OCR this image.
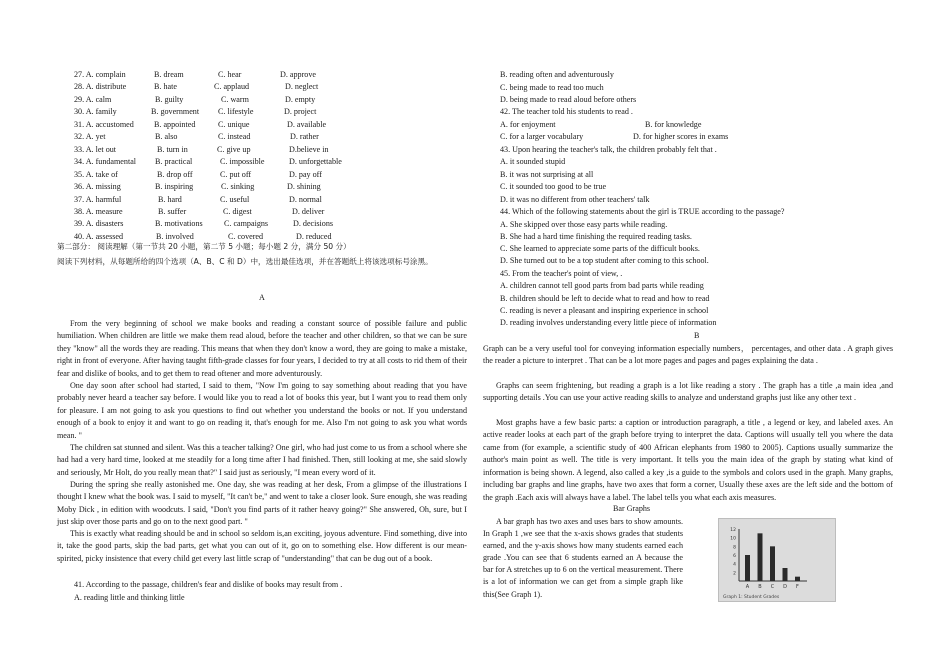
27. A. complain	B. dream	C. hear	D. approve
28. A. distribute	B. hate	C. applaud	D. neglect
29. A. calm	B. guilty	C. warm	D. empty
30. A. family	B. government C. lifestyle	D. project
31. A. accustomed B. appointed	C. unique	D. available
32. A. yet	B. also	C. instead	D. rather
33. A. let out	B. turn in	C. give up	D.believe in
34. A. fundamental B. practical	C. impossible	D. unforgettable
35. A. take of	B. drop off	C. put off	D. pay off
36. A. missing	B. inspiring	C. sinking	D. shining
37. A. harmful	B. hard	C. useful	D. normal
38. A. measure	B. suffer	C. digest	D. deliver
39. A. disasters	B. motivations	C. campaigns	D. decisions
40. A. assessed	B. involved	C. covered	D. reduced
第二部分： 阅读理解（第一节共 20 小题，第二节 5 小题；每小题 2 分，满分 50 分）
阅读下列材料，从每题所给的四个选项（A、B、C 和 D）中，选出最佳选项，并在答题纸上将该选项标号涂黑。
A
From the very beginning of school we make books and reading a constant source of possible failure and public humiliation. When children are little we make them read aloud, before the teacher and other children, so that we can be sure they "know" all the words they are reading. This means that when they don't know a word, they are going to make a mistake, right in front of everyone. After having taught fifth-grade classes for four years, I decided to try at all costs to rid them of their fear and dislike of books, and to get them to read oftener and more adventurously.
One day soon after school had started, I said to them, "Now I'm going to say something about reading that you have probably never heard a teacher say before. I would like you to read a lot of books this year, but I want you to read them only for pleasure. I am not going to ask you questions to find out whether you understand the books or not. If you understand enough of a book to enjoy it and want to go on reading it, that's enough for me. Also I'm not going to ask you what words mean. "
The children sat stunned and silent. Was this a teacher talking? One girl, who had just come to us from a school where she had had a very hard time, looked at me steadily for a long time after I had finished. Then, still looking at me, she said slowly and seriously, Mr Holt, do you really mean that?" I said just as seriously, "I mean every word of it.
During the spring she really astonished me. One day, she was reading at her desk, From a glimpse of the illustrations I thought I knew what the book was. I said to myself, "It can't be," and went to take a closer look. Sure enough, she was reading Moby Dick , in edition with woodcuts. I said, "Don't you find parts of it rather heavy going?" She answered, Oh, sure, but I just skip over those parts and go on to the next good part. "
This is exactly what reading should be and in school so seldom is,an exciting, joyous adventure. Find something, dive into it, take the good parts, skip the bad parts, get what you can out of it, go on to something else. How different is our mean-spirited, picky insistence that every child get every last little scrap of "understanding" that can be dug out of a book.
41. According to the passage, children's fear and dislike of books may result from .
A. reading little and thinking little
B. reading often and adventurously
C. being made to read too much
D. being made to read aloud before others
42. The teacher told his students to read .
A. for enjoyment	B. for knowledge
C. for a larger vocabulary	D. for higher scores in exams
43. Upon hearing the teacher's talk, the children probably felt that .
A. it sounded stupid
B. it was not surprising at all
C. it sounded too good to be true
D. it was no different from other teachers' talk
44. Which of the following statements about the girl is TRUE according to the passage?
A. She skipped over those easy parts while reading.
B. She had a hard time finishing the required reading tasks.
C. She learned to appreciate some parts of the difficult books.
D. She turned out to be a top student after coming to this school.
45. From the teacher's point of view, .
A. children cannot tell good parts from bad parts while reading
B. children should be left to decide what to read and how to read
C. reading is never a pleasant and inspiring experience in school
D. reading involves understanding every little piece of information
B
Graph can be a very useful tool for conveying information especially numbers， percentages, and other data . A graph gives the reader a picture to interpret . That can be a lot more pages and pages and pages explaining the data .
Graphs can seem frightening, but reading a graph is a lot like reading a story . The graph has a title ,a main idea ,and supporting details .You can use your active reading skills to analyze and understand graphs just like any other text .
Most graphs have a few basic parts: a caption or introduction paragraph, a title , a legend or key, and labeled axes. An active reader looks at each part of the graph before trying to interpret the data. Captions will usually tell you where the data came from (for example, a scientific study of 400 African elephants from 1980 to 2005). Captions usually summarize the author's main point as well. The title is very important. It tells you the main idea of the graph by stating what kind of information is being shown. A legend, also called a key ,is a guide to the symbols and colors used in the graph. Many graphs, including bar graphs and line graphs, have two axes that form a corner, Usually these axes are the left side and the bottom of the graph .Each axis will always have a label. The label tells you what each axis measures.
Bar Graphs
A bar graph has two axes and uses bars to show amounts. In Graph 1 ,we see that the x-axis shows grades that students earned, and the y-axis shows how many students earned each grade .You can see that 6 students earned an A because the bar for A stretches up to 6 on the vertical measurement. There is a lot of information we can get from a simple graph like this(See Graph 1).
12
10
8
6
4
2
A B C D F
Graph 1: Student Grades
